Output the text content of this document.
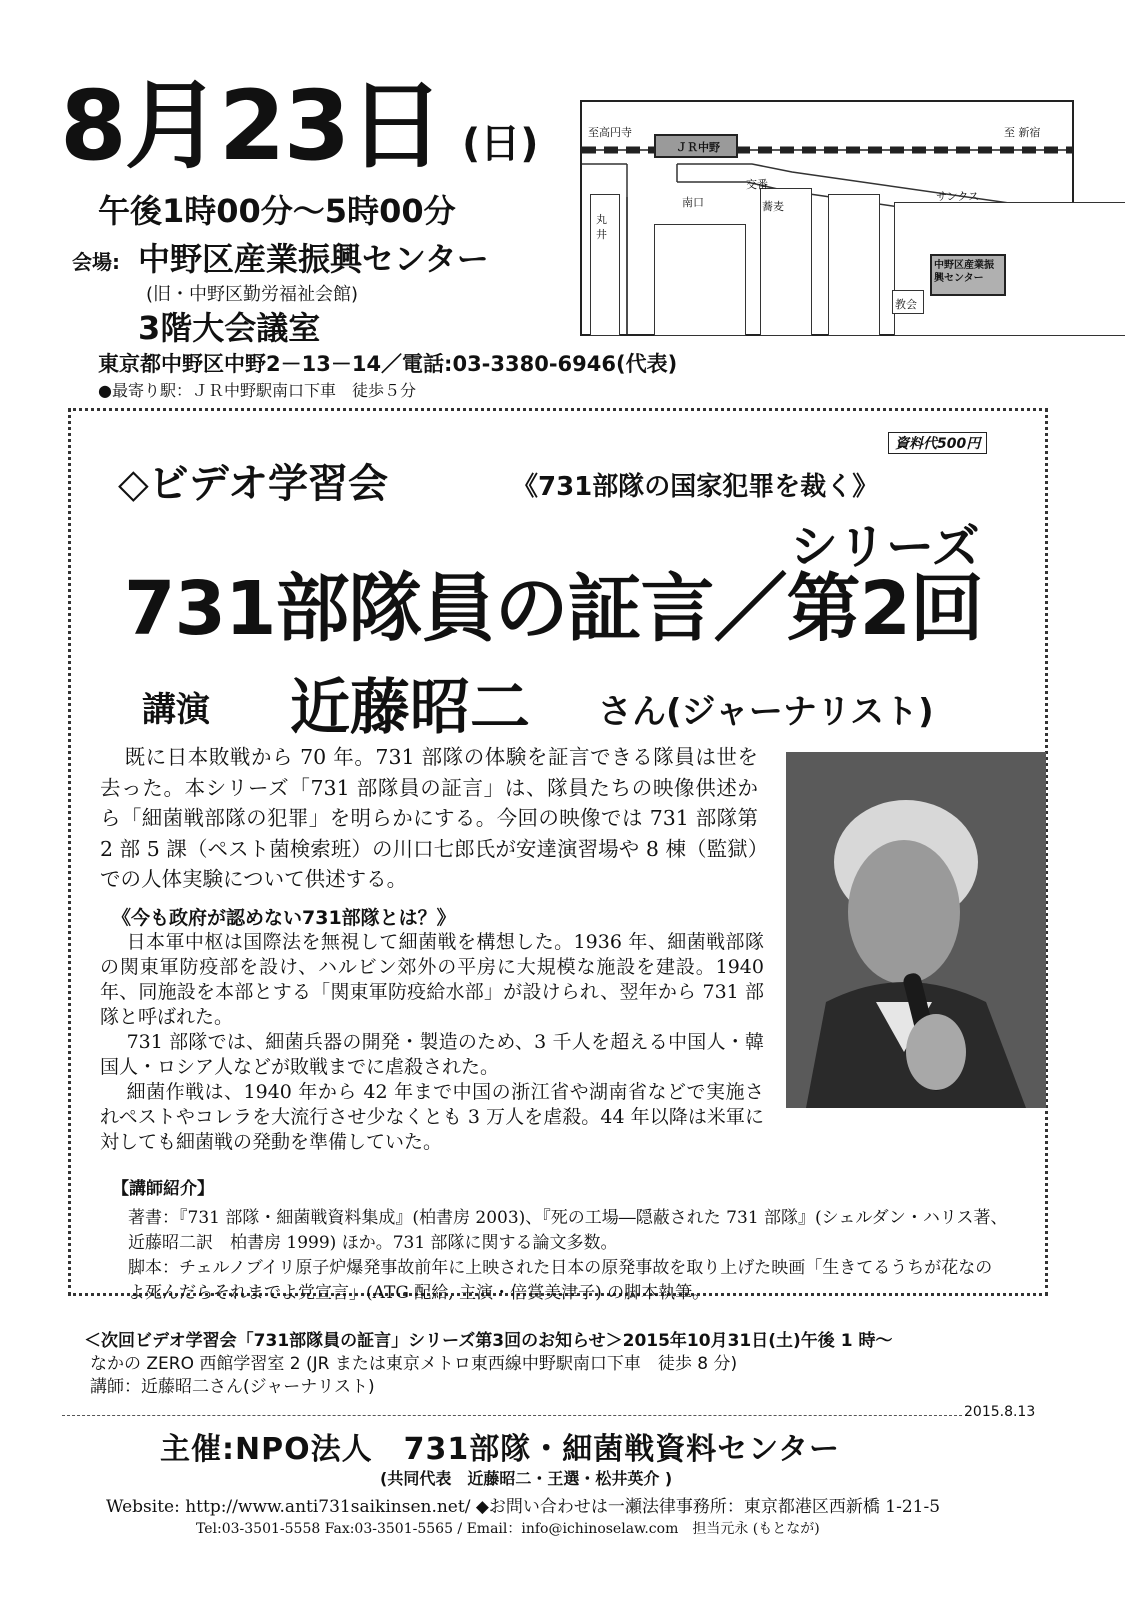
8月23日 (日)
午後1時00分～5時00分
会場: 中野区産業振興センター
(旧・中野区勤労福祉会館)
3階大会議室
東京都中野区中野2－13－14／電話:03-3380-6946(代表)
●最寄り駅：ＪＲ中野駅南口下車　徒歩５分
ＪＲ中野
中野区産業振興センター
教会
至高円寺	至 新宿
南口
交番
蕎麦
サンクス
丸井
資料代500円
◇ビデオ学習会	《731部隊の国家犯罪を裁く》
シリーズ
731部隊員の証言／第2回
講演 近藤昭二 さん(ジャーナリスト)
既に日本敗戦から 70 年。731 部隊の体験を証言できる隊員は世を去った。本シリーズ「731 部隊員の証言」は、隊員たちの映像供述から「細菌戦部隊の犯罪」を明らかにする。今回の映像では 731 部隊第 2 部 5 課（ペスト菌検索班）の川口七郎氏が安達演習場や 8 棟（監獄）での人体実験について供述する。
《今も政府が認めない731部隊とは？》

日本軍中枢は国際法を無視して細菌戦を構想した。1936 年、細菌戦部隊の関東軍防疫部を設け、ハルビン郊外の平房に大規模な施設を建設。1940 年、同施設を本部とする「関東軍防疫給水部」が設けられ、翌年から 731 部隊と呼ばれた。

731 部隊では、細菌兵器の開発・製造のため、3 千人を超える中国人・韓国人・ロシア人などが敗戦までに虐殺された。

細菌作戦は、1940 年から 42 年まで中国の浙江省や湖南省などで実施されペストやコレラを大流行させ少なくとも 3 万人を虐殺。44 年以降は米軍に対しても細菌戦の発動を準備していた。

【講師紹介】

著書：『731 部隊・細菌戦資料集成』(柏書房 2003)、『死の工場―隠蔽された 731 部隊』(シェルダン・ハリス著、近藤昭二訳　柏書房 1999) ほか。731 部隊に関する論文多数。

脚本：チェルノブイリ原子炉爆発事故前年に上映された日本の原発事故を取り上げた映画「生きてるうちが花なのよ死んだらそれまでよ党宣言」(ATG 配給, 主演・倍賞美津子) の脚本執筆。

＜次回ビデオ学習会「731部隊員の証言」シリーズ第3回のお知らせ＞2015年10月31日(土)午後 1 時～

なかの ZERO 西館学習室 2 (JR または東京メトロ東西線中野駅南口下車　徒歩 8 分)

講師：近藤昭二さん(ジャーナリスト)

2015.8.13
主催:NPO法人　731部隊・細菌戦資料センター
(共同代表　近藤昭二・王選・松井英介 )
Website: http://www.anti731saikinsen.net/ ◆お問い合わせは一瀬法律事務所：東京都港区西新橋 1-21-5
Tel:03-3501-5558 Fax:03-3501-5565 / Email：info@ichinoselaw.com　担当元永 (もとなが)
